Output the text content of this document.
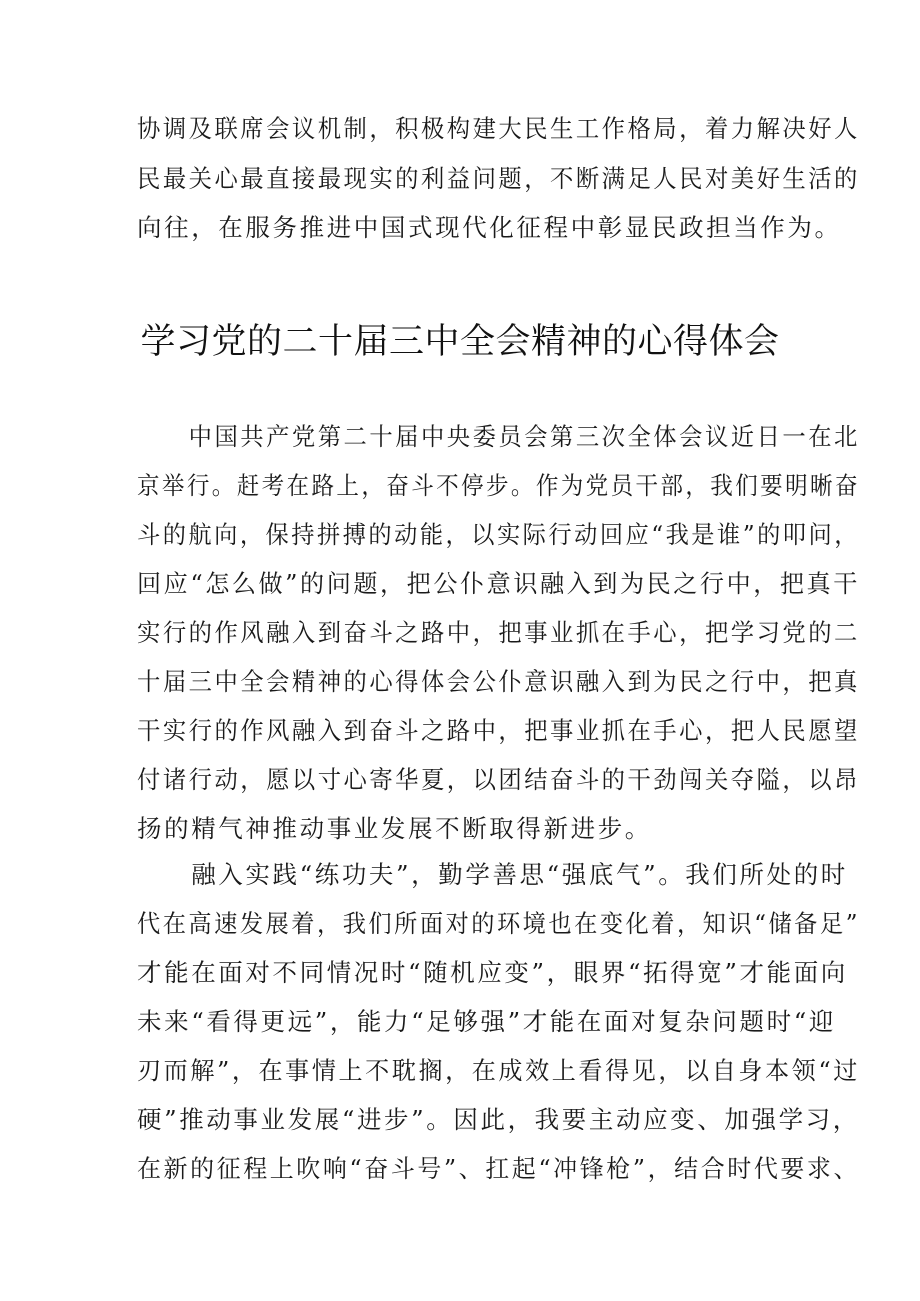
协调及联席会议机制，积极构建大民生工作格局，着力解决好人
民最关心最直接最现实的利益问题，不断满足人民对美好生活的
向往，在服务推进中国式现代化征程中彰显民政担当作为。
学习党的二十届三中全会精神的心得体会
　　中国共产党第二十届中央委员会第三次全体会议近日一在北
京举行。赶考在路上，奋斗不停步。作为党员干部，我们要明晰奋
斗的航向，保持拼搏的动能，以实际行动回应“我是谁”的叩问，
回应“怎么做”的问题，把公仆意识融入到为民之行中，把真干
实行的作风融入到奋斗之路中，把事业抓在手心，把学习党的二
十届三中全会精神的心得体会公仆意识融入到为民之行中，把真
干实行的作风融入到奋斗之路中，把事业抓在手心，把人民愿望
付诸行动，愿以寸心寄华夏，以团结奋斗的干劲闯关夺隘，以昂
扬的精气神推动事业发展不断取得新进步。
　　融入实践“练功夫”，勤学善思“强底气”。我们所处的时
代在高速发展着，我们所面对的环境也在变化着，知识“储备足”
才能在面对不同情况时“随机应变”，眼界“拓得宽”才能面向
未来“看得更远”，能力“足够强”才能在面对复杂问题时“迎
刃而解”，在事情上不耽搁，在成效上看得见，以自身本领“过
硬”推动事业发展“进步”。因此，我要主动应变、加强学习，
在新的征程上吹响“奋斗号”、扛起“冲锋枪”，结合时代要求、
